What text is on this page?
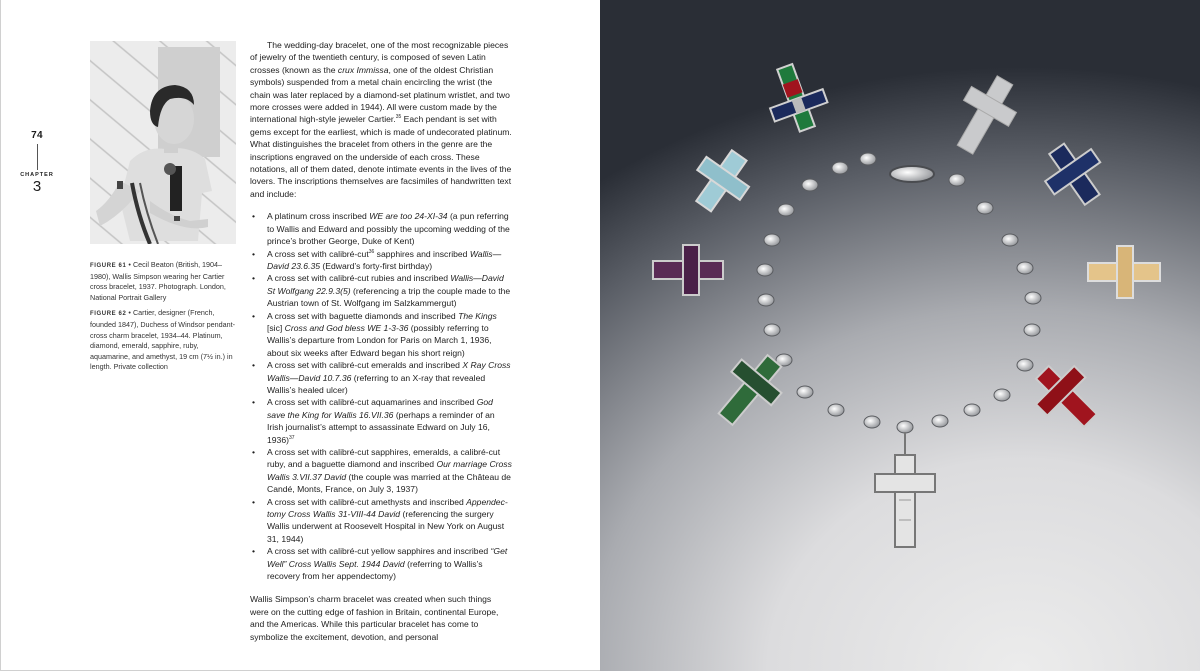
74
CHAPTER
3

FIGURE 61 • Cecil Beaton (British, 1904–1980), Wallis Simpson wearing her Cartier cross bracelet, 1937. Photograph. London, National Portrait Gallery

FIGURE 62 • Cartier, designer (French, founded 1847), Duchess of Windsor pendant-cross charm bracelet, 1934–44. Platinum, diamond, emerald, sapphire, ruby, aquamarine, and amethyst, 19 cm (7½ in.) in length. Private collection

The wedding-day bracelet, one of the most recognizable pieces of jewelry of the twentieth century, is composed of seven Latin crosses (known as the crux Immissa, one of the oldest Christian symbols) suspended from a metal chain encircling the wrist (the chain was later replaced by a diamond-set platinum wristlet, and two more crosses were added in 1944). All were custom made by the international high-style jeweler Cartier.$^{35}$ Each pendant is set with gems except for the earliest, which is made of undecorated platinum. What distinguishes the bracelet from others in the genre are the inscriptions engraved on the underside of each cross. These notations, all of them dated, denote intimate events in the lives of the lovers. The inscriptions themselves are facsimiles of handwritten text and include:

• A platinum cross inscribed WE are too 24-XI-34 (a pun referring to Wallis and Edward and possibly the upcoming wedding of the prince’s brother George, Duke of Kent)
• A cross set with calibré-cut$^{36}$ sapphires and inscribed Wallis—David 23.6.35 (Edward’s forty-first birthday)
• A cross set with calibré-cut rubies and inscribed Wallis—David St Wolfgang 22.9.3(5) (referencing a trip the couple made to the Austrian town of St. Wolfgang im Salzkammergut)
• A cross set with baguette diamonds and inscribed The Kings [sic] Cross and God bless WE 1-3-36 (possibly referring to Wallis’s departure from London for Paris on March 1, 1936, about six weeks after Edward began his short reign)
• A cross set with calibré-cut emeralds and inscribed X Ray Cross Wallis—David 10.7.36 (referring to an X-ray that revealed Wallis’s healed ulcer)
• A cross set with calibré-cut aquamarines and inscribed God save the King for Wallis 16.VII.36 (perhaps a reminder of an Irish journalist’s attempt to assassinate Edward on July 16, 1936)$^{37}$
• A cross set with calibré-cut sapphires, emeralds, a calibré-cut ruby, and a baguette diamond and inscribed Our marriage Cross Wallis 3.VII.37 David (the couple was married at the Château de Candé, Monts, France, on July 3, 1937)
• A cross set with calibré-cut amethysts and inscribed Appendectomy Cross Wallis 31-VIII-44 David (referencing the surgery Wallis underwent at Roosevelt Hospital in New York on August 31, 1944)
• A cross set with calibré-cut yellow sapphires and inscribed “Get Well” Cross Wallis Sept. 1944 David (referring to Wallis’s recovery from her appendectomy)

Wallis Simpson’s charm bracelet was created when such things were on the cutting edge of fashion in Britain, continental Europe, and the Americas. While this particular bracelet has come to symbolize the excitement, devotion, and personal
